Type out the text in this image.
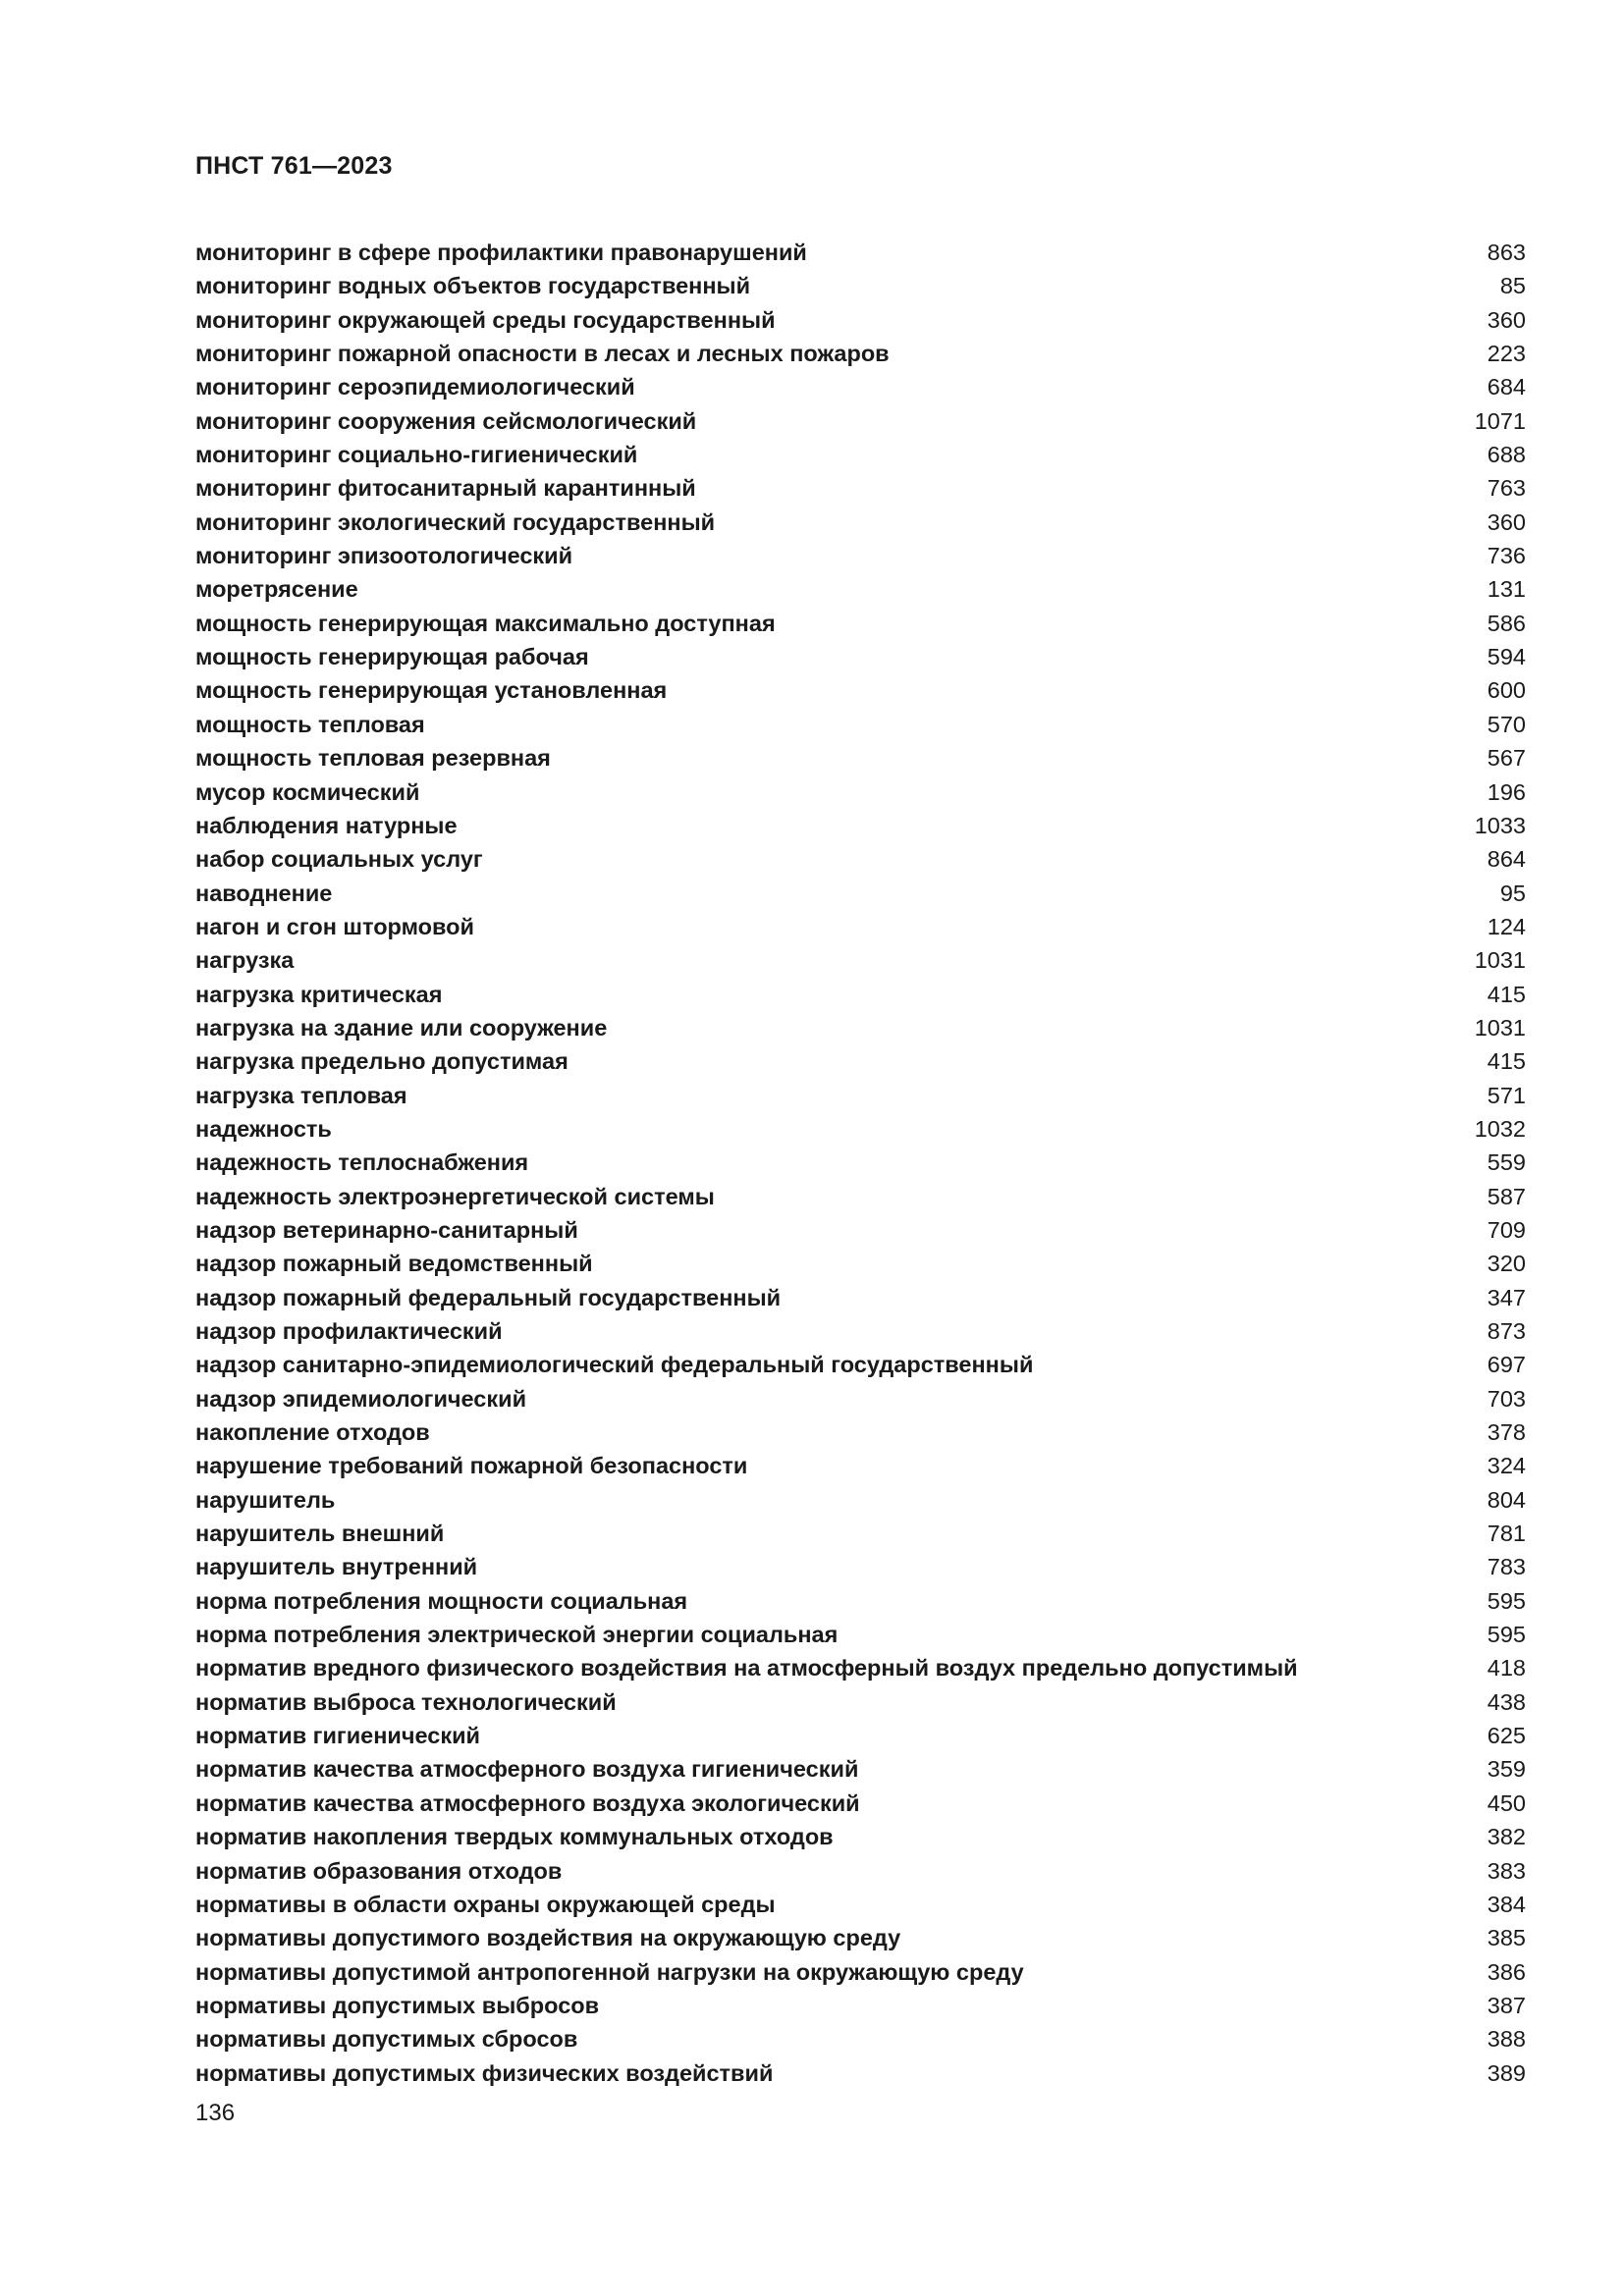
ПНСТ 761—2023
мониторинг в сфере профилактики правонарушений	863
мониторинг водных объектов государственный	85
мониторинг окружающей среды государственный	360
мониторинг пожарной опасности в лесах и лесных пожаров	223
мониторинг сероэпидемиологический	684
мониторинг сооружения сейсмологический	1071
мониторинг социально-гигиенический	688
мониторинг фитосанитарный карантинный	763
мониторинг экологический государственный	360
мониторинг эпизоотологический	736
моретрясение	131
мощность генерирующая максимально доступная	586
мощность генерирующая рабочая	594
мощность генерирующая установленная	600
мощность тепловая	570
мощность тепловая резервная	567
мусор космический	196
наблюдения натурные	1033
набор социальных услуг	864
наводнение	95
нагон и сгон штормовой	124
нагрузка	1031
нагрузка критическая	415
нагрузка на здание или сооружение	1031
нагрузка предельно допустимая	415
нагрузка тепловая	571
надежность	1032
надежность теплоснабжения	559
надежность электроэнергетической системы	587
надзор ветеринарно-санитарный	709
надзор пожарный ведомственный	320
надзор пожарный федеральный государственный	347
надзор профилактический	873
надзор санитарно-эпидемиологический федеральный государственный	697
надзор эпидемиологический	703
накопление отходов	378
нарушение требований пожарной безопасности	324
нарушитель	804
нарушитель внешний	781
нарушитель внутренний	783
норма потребления мощности социальная	595
норма потребления электрической энергии социальная	595
норматив вредного физического воздействия на атмосферный воздух предельно допустимый	418
норматив выброса технологический	438
норматив гигиенический	625
норматив качества атмосферного воздуха гигиенический	359
норматив качества атмосферного воздуха экологический	450
норматив накопления твердых коммунальных отходов	382
норматив образования отходов	383
нормативы в области охраны окружающей среды	384
нормативы допустимого воздействия на окружающую среду	385
нормативы допустимой антропогенной нагрузки на окружающую среду	386
нормативы допустимых выбросов	387
нормативы допустимых сбросов	388
нормативы допустимых физических воздействий	389
136
